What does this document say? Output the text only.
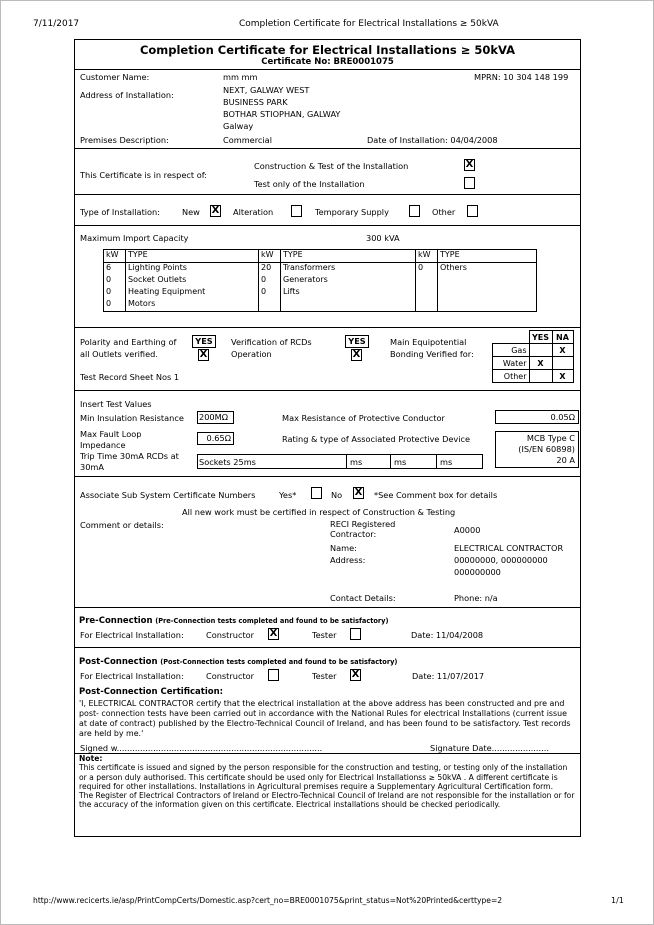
7/11/2017	Completion Certificate for Electrical Installations ≥ 50kVA
Completion Certificate for Electrical Installations ≥ 50kVA
Certificate No: BRE0001075
Customer Name:	mm mm	MPRN: 10 304 148 199
Address of Installation:	NEXT, GALWAY WEST
BUSINESS PARK
BOTHAR STIOPHAN, GALWAY
Galway
Premises Description:	Commercial	Date of Installation: 04/04/2008
This Certificate is in respect of:
Construction & Test of the Installation	X
Test only of the Installation
Type of Installation:	New X Alteration	Temporary Supply	Other
Maximum Import Capacity	300 kVA
kW	TYPE	kW	TYPE	kW	TYPE
6	Lighting Points	20	Transformers	0	Others
0	Socket Outlets	0	Generators		
0	Heating Equipment	0	Lifts		
0	Motors				
Polarity and Earthing of
all Outlets verified.
YES
X
Verification of RCDs
Operation
YES
X
Main Equipotential
Bonding Verified for:
	YES	NA
Gas		X
Water	X	
Other		X
Test Record Sheet Nos 1
Insert Test Values
Min Insulation Resistance 200MΩ	Max Resistance of Protective Conductor	0.05Ω
Max Fault Loop
Impedance
0.65Ω	Rating & type of Associated Protective Device	MCB Type C
(IS/EN 60898)
20 A
Trip Time 30mA RCDs at
30mA	Sockets 25ms	ms	ms	ms
Associate Sub System Certificate Numbers	Yes*	No X *See Comment box for details
All new work must be certified in respect of Construction & Testing
Comment or details:	RECI Registered
Contractor:	A0000
Name:	ELECTRICAL CONTRACTOR
Address:	00000000, 000000000
000000000
Contact Details:	Phone: n/a
Pre-Connection (Pre-Connection tests completed and found to be satisfactory)
For Electrical Installation:	Constructor X	Tester	Date: 11/04/2008
Post-Connection (Post-Connection tests completed and found to be satisfactory)
For Electrical Installation:	Constructor	Tester X	Date: 11/07/2017
Post-Connection Certification:
'I, ELECTRICAL CONTRACTOR certify that the electrical installation at the above address has been constructed and pre and post- connection tests have been carried out in accordance with the National Rules for electrical Installations (current issue at date of contract) published by the Electro-Technical Council of Ireland, and has been found to be satisfactory. Test records are held by me.'
Signed w...............................................................................	Signature Date......................
Note:
This certificate is issued and signed by the person responsible for the construction and testing, or testing only of the installation or a person duly authorised. This certificate should be used only for Electrical Installationss ≥ 50kVA . A different certificate is required for other installations. Installations in Agricultural premises require a Supplementary Agricultural Certification form.
The Register of Electrical Contractors of Ireland or Electro-Technical Council of Ireland are not responsible for the installation or for the accuracy of the information given on this certificate. Electrical installations should be checked periodically.
http://www.recicerts.ie/asp/PrintCompCerts/Domestic.asp?cert_no=BRE0001075&print_status=Not%20Printed&certtype=2	1/1
